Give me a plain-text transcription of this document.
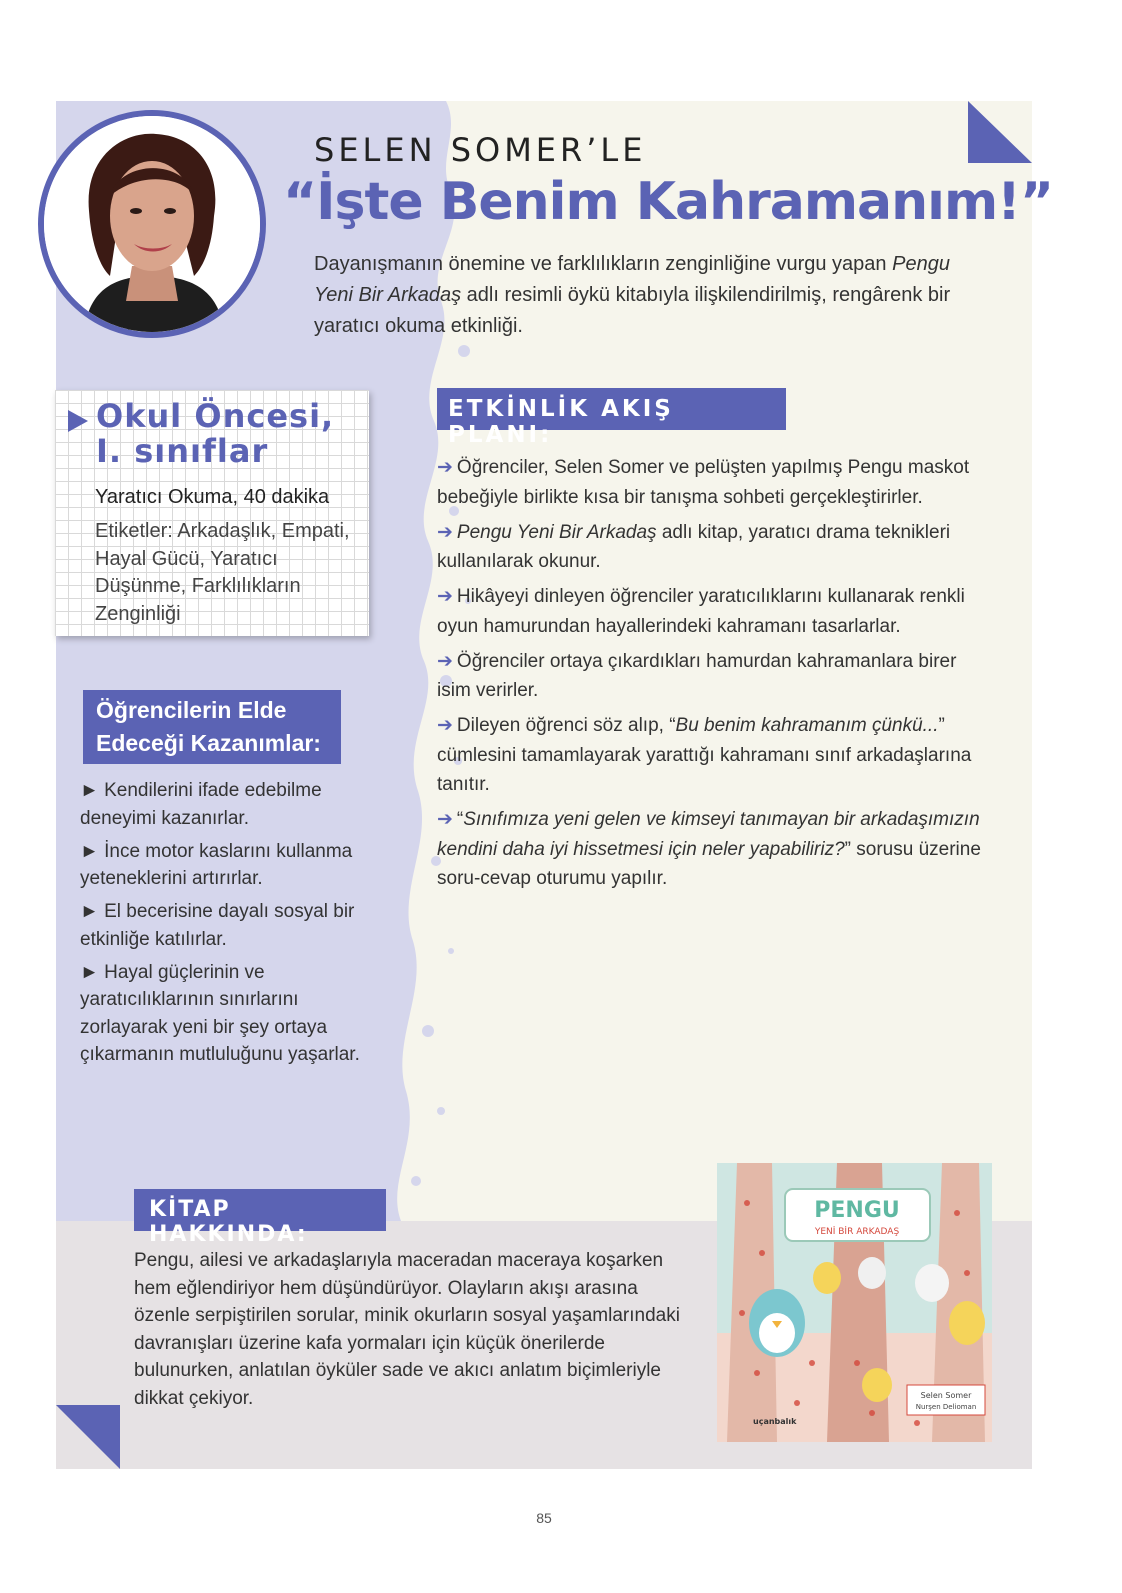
SELEN SOMER’LE
“İşte Benim Kahramanım!”

Dayanışmanın önemine ve farklılıkların zenginliğine vurgu yapan Pengu Yeni Bir Arkadaş adlı resimli öykü kitabıyla ilişkilendirilmiş, rengârenk bir yaratıcı okuma etkinliği.

Okul Öncesi,
I. sınıflar
Yaratıcı Okuma, 40 dakika
Etiketler: Arkadaşlık, Empati, Hayal Gücü, Yaratıcı Düşünme, Farklılıkların Zenginliği
ETKİNLİK AKIŞ PLANI:
➔ Öğrenciler, Selen Somer ve pelüşten yapılmış Pengu maskot bebeğiyle birlikte kısa bir tanışma sohbeti gerçekleştirirler.
➔ Pengu Yeni Bir Arkadaş adlı kitap, yaratıcı drama teknikleri kullanılarak okunur.
➔ Hikâyeyi dinleyen öğrenciler yaratıcılıklarını kullanarak renkli oyun hamurundan hayallerindeki kahramanı tasarlarlar.
➔ Öğrenciler ortaya çıkardıkları hamurdan kahramanlara birer isim verirler.
➔ Dileyen öğrenci söz alıp, “Bu benim kahramanım çünkü...” cümlesini tamamlayarak yarattığı kahramanı sınıf arkadaşlarına tanıtır.
➔ “Sınıfımıza yeni gelen ve kimseyi tanımayan bir arkadaşımızın kendini daha iyi hissetmesi için neler yapabiliriz?” sorusu üzerine soru-cevap oturumu yapılır.
Öğrencilerin Elde Edeceği Kazanımlar:
► Kendilerini ifade edebilme deneyimi kazanırlar.
► İnce motor kaslarını kullanma yeteneklerini artırırlar.
► El becerisine dayalı sosyal bir etkinliğe katılırlar.
► Hayal güçlerinin ve yaratıcılıklarının sınırlarını zorlayarak yeni bir şey ortaya çıkarmanın mutluluğunu yaşarlar.
KİTAP HAKKINDA:

Pengu, ailesi ve arkadaşlarıyla maceradan maceraya koşarken hem eğlendiriyor hem düşündürüyor. Olayların akışı arasına özenle serpiştirilen sorular, minik okurların sosyal yaşamlarındaki davranışları üzerine kafa yormaları için küçük önerilerde bulunurken, anlatılan öyküler sade ve akıcı anlatım biçimleriyle dikkat çekiyor.

PENGU
YENİ BİR ARKADAŞ
Selen Somer
Nurşen Delioman
uçanbalık
85
